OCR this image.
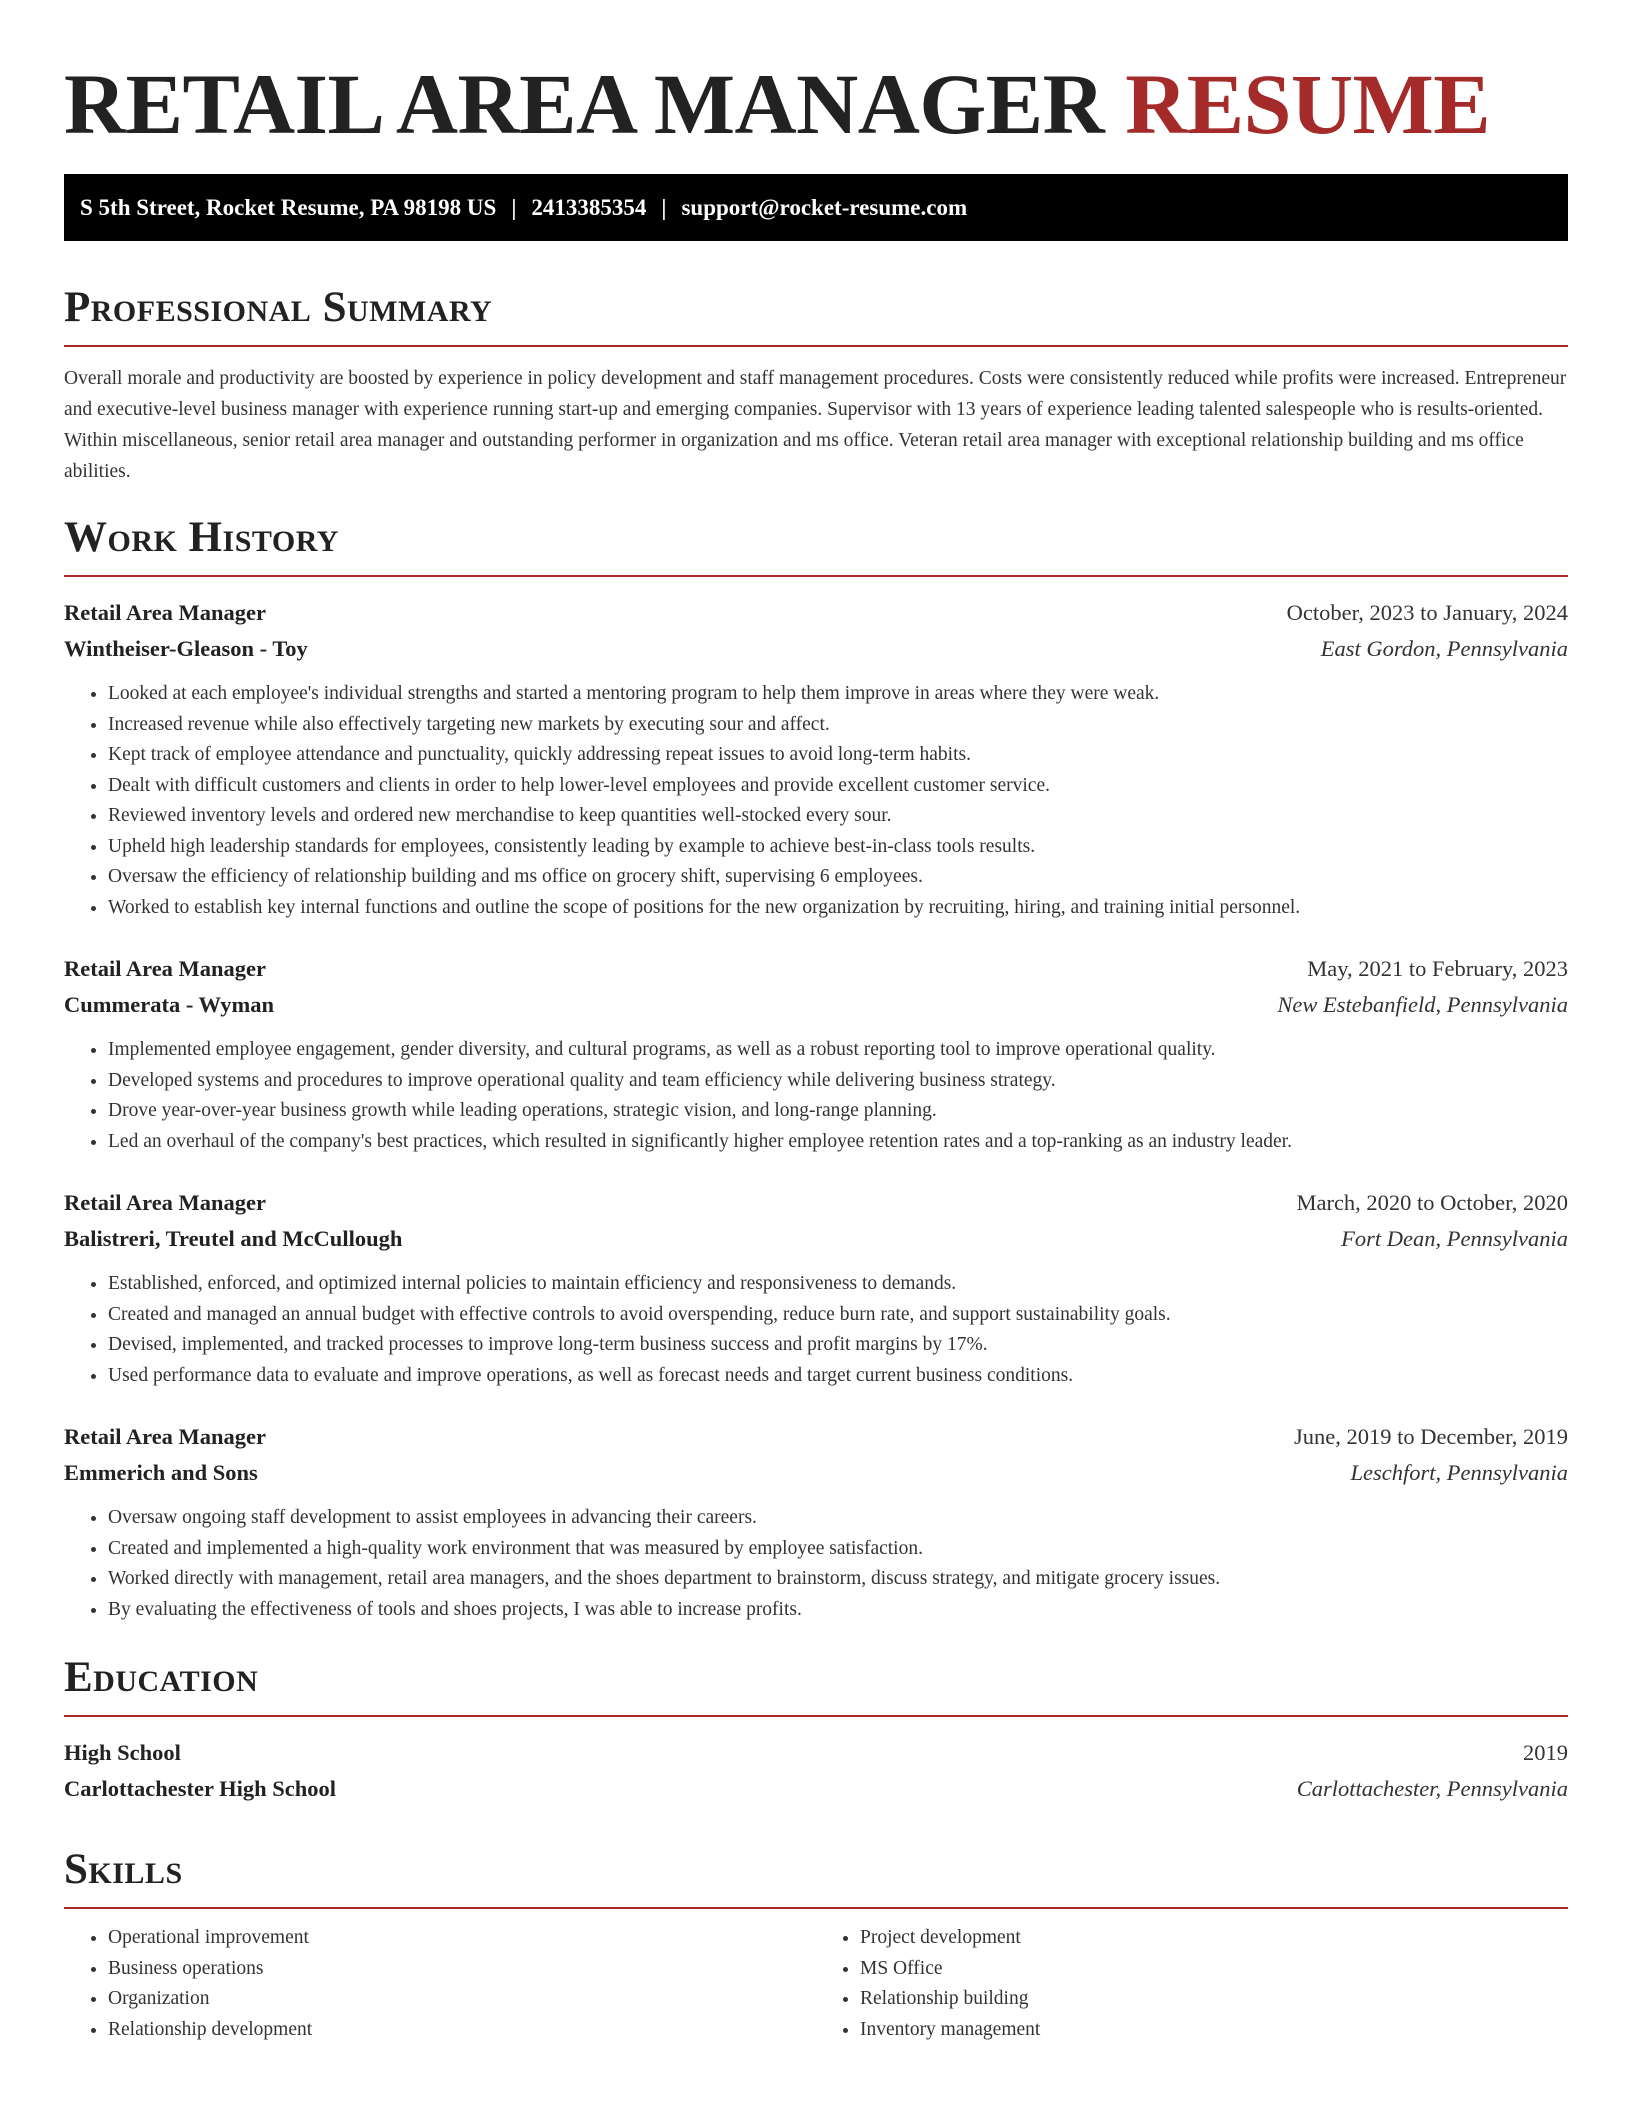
RETAIL AREA MANAGER RESUME
S 5th Street, Rocket Resume, PA 98198 US | 2413385354 | support@rocket-resume.com
Professional Summary

Overall morale and productivity are boosted by experience in policy development and staff management procedures. Costs were consistently reduced while profits were increased. Entrepreneur and executive-level business manager with experience running start-up and emerging companies. Supervisor with 13 years of experience leading talented salespeople who is results-oriented. Within miscellaneous, senior retail area manager and outstanding performer in organization and ms office. Veteran retail area manager with exceptional relationship building and ms office abilities.

Work History
Retail Area Manager	October, 2023 to January, 2024
Wintheiser-Gleason - Toy	East Gordon, Pennsylvania
• Looked at each employee's individual strengths and started a mentoring program to help them improve in areas where they were weak.
• Increased revenue while also effectively targeting new markets by executing sour and affect.
• Kept track of employee attendance and punctuality, quickly addressing repeat issues to avoid long-term habits.
• Dealt with difficult customers and clients in order to help lower-level employees and provide excellent customer service.
• Reviewed inventory levels and ordered new merchandise to keep quantities well-stocked every sour.
• Upheld high leadership standards for employees, consistently leading by example to achieve best-in-class tools results.
• Oversaw the efficiency of relationship building and ms office on grocery shift, supervising 6 employees.
• Worked to establish key internal functions and outline the scope of positions for the new organization by recruiting, hiring, and training initial personnel.
Retail Area Manager	May, 2021 to February, 2023
Cummerata - Wyman	New Estebanfield, Pennsylvania
• Implemented employee engagement, gender diversity, and cultural programs, as well as a robust reporting tool to improve operational quality.
• Developed systems and procedures to improve operational quality and team efficiency while delivering business strategy.
• Drove year-over-year business growth while leading operations, strategic vision, and long-range planning.
• Led an overhaul of the company's best practices, which resulted in significantly higher employee retention rates and a top-ranking as an industry leader.
Retail Area Manager	March, 2020 to October, 2020
Balistreri, Treutel and McCullough	Fort Dean, Pennsylvania
• Established, enforced, and optimized internal policies to maintain efficiency and responsiveness to demands.
• Created and managed an annual budget with effective controls to avoid overspending, reduce burn rate, and support sustainability goals.
• Devised, implemented, and tracked processes to improve long-term business success and profit margins by 17%.
• Used performance data to evaluate and improve operations, as well as forecast needs and target current business conditions.
Retail Area Manager	June, 2019 to December, 2019
Emmerich and Sons	Leschfort, Pennsylvania
• Oversaw ongoing staff development to assist employees in advancing their careers.
• Created and implemented a high-quality work environment that was measured by employee satisfaction.
• Worked directly with management, retail area managers, and the shoes department to brainstorm, discuss strategy, and mitigate grocery issues.
• By evaluating the effectiveness of tools and shoes projects, I was able to increase profits.
Education
High School	2019
Carlottachester High School	Carlottachester, Pennsylvania
Skills
• Operational improvement
• Business operations
• Organization
• Relationship development
• Project development
• MS Office
• Relationship building
• Inventory management
